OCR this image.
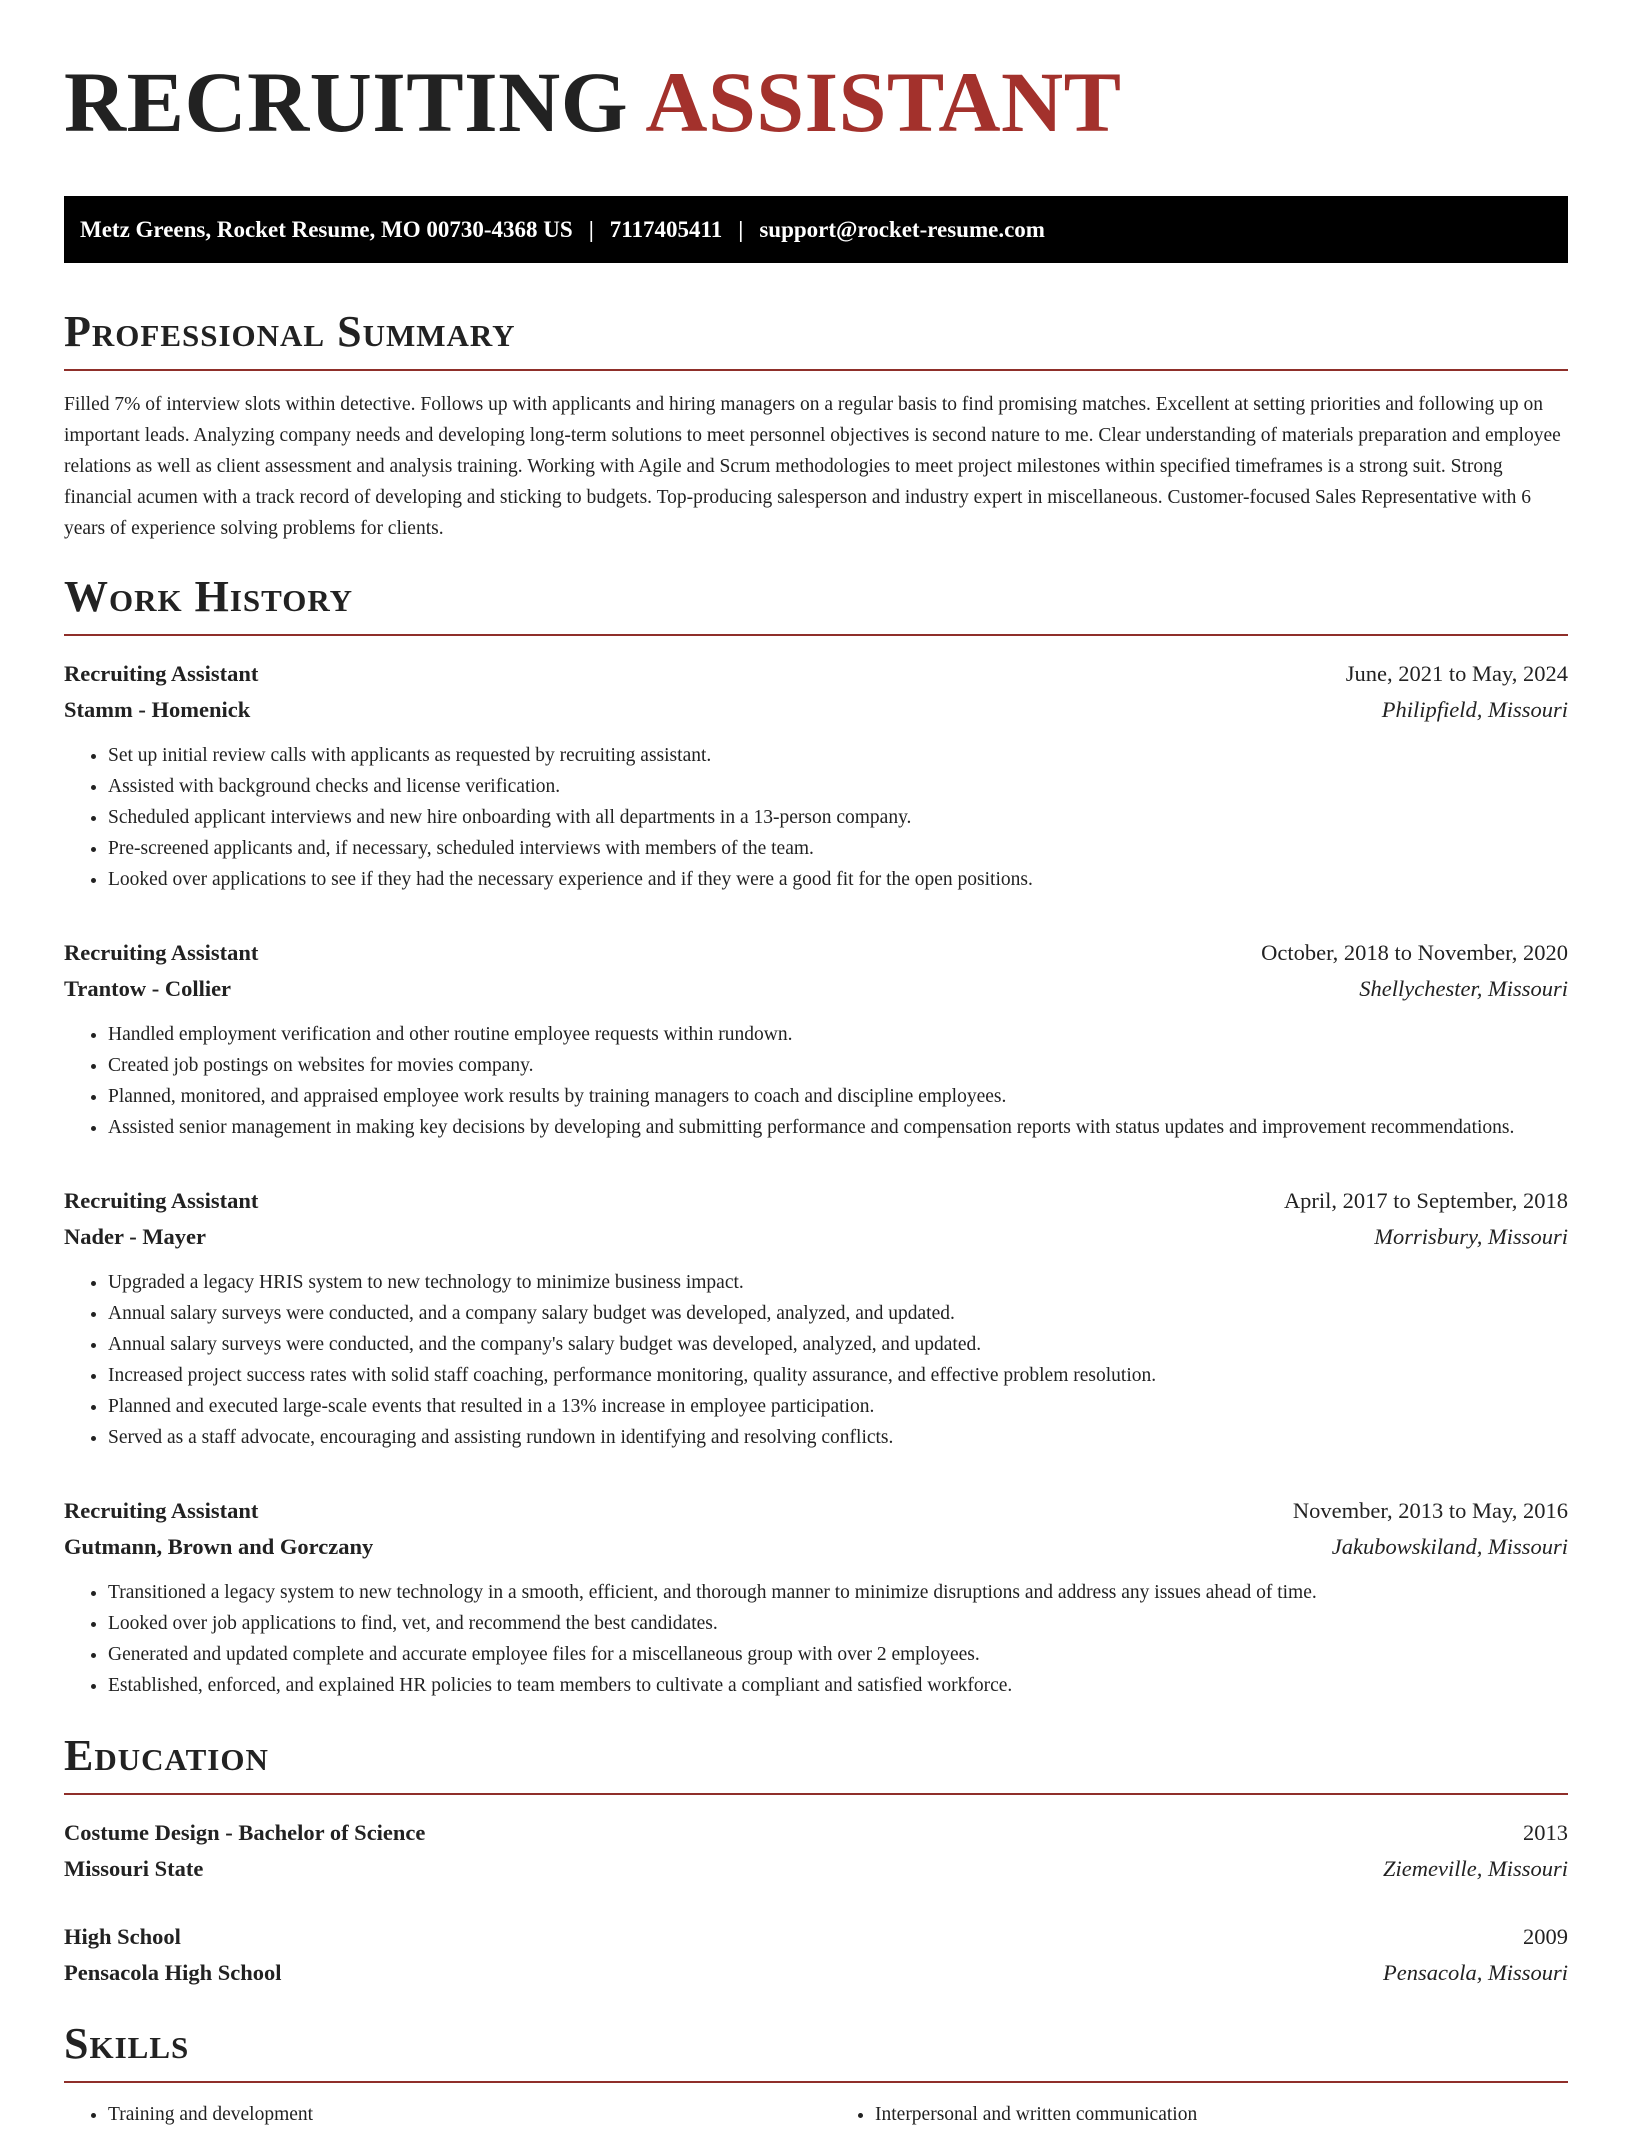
RECRUITING ASSISTANT
Metz Greens, Rocket Resume, MO 00730-4368 US | 7117405411 | support@rocket-resume.com
Professional Summary

Filled 7% of interview slots within detective. Follows up with applicants and hiring managers on a regular basis to find promising matches. Excellent at setting priorities and following up on important leads. Analyzing company needs and developing long-term solutions to meet personnel objectives is second nature to me. Clear understanding of materials preparation and employee relations as well as client assessment and analysis training. Working with Agile and Scrum methodologies to meet project milestones within specified timeframes is a strong suit. Strong financial acumen with a track record of developing and sticking to budgets. Top-producing salesperson and industry expert in miscellaneous. Customer-focused Sales Representative with 6 years of experience solving problems for clients.

Work History
Recruiting Assistant	June, 2021 to May, 2024
Stamm - Homenick	Philipfield, Missouri
• Set up initial review calls with applicants as requested by recruiting assistant.
• Assisted with background checks and license verification.
• Scheduled applicant interviews and new hire onboarding with all departments in a 13-person company.
• Pre-screened applicants and, if necessary, scheduled interviews with members of the team.
• Looked over applications to see if they had the necessary experience and if they were a good fit for the open positions.
Recruiting Assistant	October, 2018 to November, 2020
Trantow - Collier	Shellychester, Missouri
• Handled employment verification and other routine employee requests within rundown.
• Created job postings on websites for movies company.
• Planned, monitored, and appraised employee work results by training managers to coach and discipline employees.
• Assisted senior management in making key decisions by developing and submitting performance and compensation reports with status updates and improvement recommendations.
Recruiting Assistant	April, 2017 to September, 2018
Nader - Mayer	Morrisbury, Missouri
• Upgraded a legacy HRIS system to new technology to minimize business impact.
• Annual salary surveys were conducted, and a company salary budget was developed, analyzed, and updated.
• Annual salary surveys were conducted, and the company's salary budget was developed, analyzed, and updated.
• Increased project success rates with solid staff coaching, performance monitoring, quality assurance, and effective problem resolution.
• Planned and executed large-scale events that resulted in a 13% increase in employee participation.
• Served as a staff advocate, encouraging and assisting rundown in identifying and resolving conflicts.
Recruiting Assistant	November, 2013 to May, 2016
Gutmann, Brown and Gorczany	Jakubowskiland, Missouri
• Transitioned a legacy system to new technology in a smooth, efficient, and thorough manner to minimize disruptions and address any issues ahead of time.
• Looked over job applications to find, vet, and recommend the best candidates.
• Generated and updated complete and accurate employee files for a miscellaneous group with over 2 employees.
• Established, enforced, and explained HR policies to team members to cultivate a compliant and satisfied workforce.
Education
Costume Design - Bachelor of Science	2013
Missouri State	Ziemeville, Missouri
High School	2009
Pensacola High School	Pensacola, Missouri
Skills
• Training and development
•	Interpersonal and written communication
